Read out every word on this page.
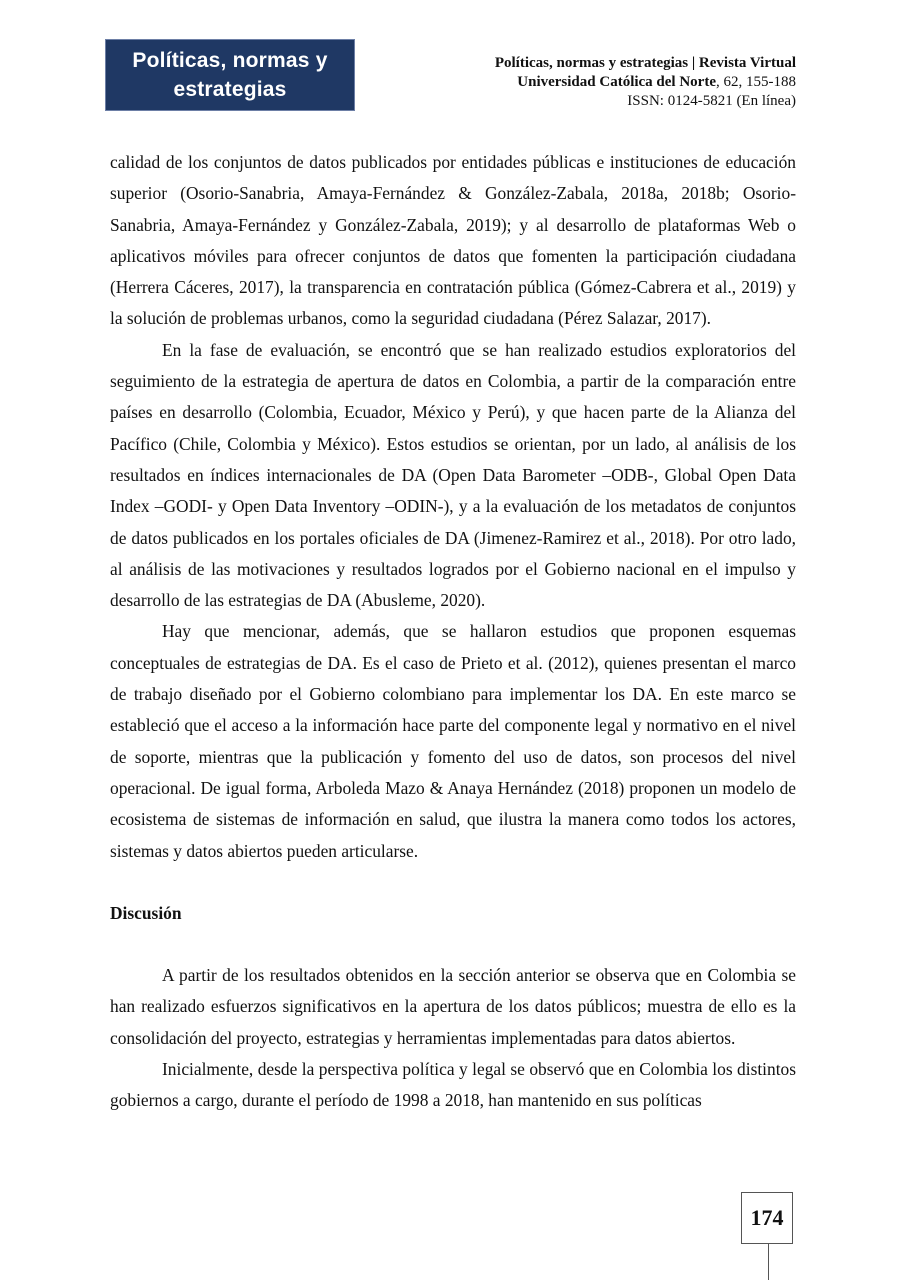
Políticas, normas y
estrategias
Políticas, normas y estrategias | Revista Virtual
Universidad Católica del Norte, 62, 155-188
ISSN: 0124-5821 (En línea)

calidad de los conjuntos de datos publicados por entidades públicas e instituciones de educación superior (Osorio-Sanabria, Amaya-Fernández & González-Zabala, 2018a, 2018b; Osorio-Sanabria, Amaya-Fernández y González-Zabala, 2019); y al desarrollo de plataformas Web o aplicativos móviles para ofrecer conjuntos de datos que fomenten la participación ciudadana (Herrera Cáceres, 2017), la transparencia en contratación pública (Gómez-Cabrera et al., 2019) y la solución de problemas urbanos, como la seguridad ciudadana (Pérez Salazar, 2017).

En la fase de evaluación, se encontró que se han realizado estudios exploratorios del seguimiento de la estrategia de apertura de datos en Colombia, a partir de la comparación entre países en desarrollo (Colombia, Ecuador, México y Perú), y que hacen parte de la Alianza del Pacífico (Chile, Colombia y México). Estos estudios se orientan, por un lado, al análisis de los resultados en índices internacionales de DA (Open Data Barometer –ODB-, Global Open Data Index –GODI- y Open Data Inventory –ODIN-), y a la evaluación de los metadatos de conjuntos de datos publicados en los portales oficiales de DA (Jimenez-Ramirez et al., 2018). Por otro lado, al análisis de las motivaciones y resultados logrados por el Gobierno nacional en el impulso y desarrollo de las estrategias de DA (Abusleme, 2020).

Hay que mencionar, además, que se hallaron estudios que proponen esquemas conceptuales de estrategias de DA. Es el caso de Prieto et al. (2012), quienes presentan el marco de trabajo diseñado por el Gobierno colombiano para implementar los DA. En este marco se estableció que el acceso a la información hace parte del componente legal y normativo en el nivel de soporte, mientras que la publicación y fomento del uso de datos, son procesos del nivel operacional. De igual forma, Arboleda Mazo & Anaya Hernández (2018) proponen un modelo de ecosistema de sistemas de información en salud, que ilustra la manera como todos los actores, sistemas y datos abiertos pueden articularse.

Discusión

A partir de los resultados obtenidos en la sección anterior se observa que en Colombia se han realizado esfuerzos significativos en la apertura de los datos públicos; muestra de ello es la consolidación del proyecto, estrategias y herramientas implementadas para datos abiertos.

Inicialmente, desde la perspectiva política y legal se observó que en Colombia los distintos gobiernos a cargo, durante el período de 1998 a 2018, han mantenido en sus políticas

174
